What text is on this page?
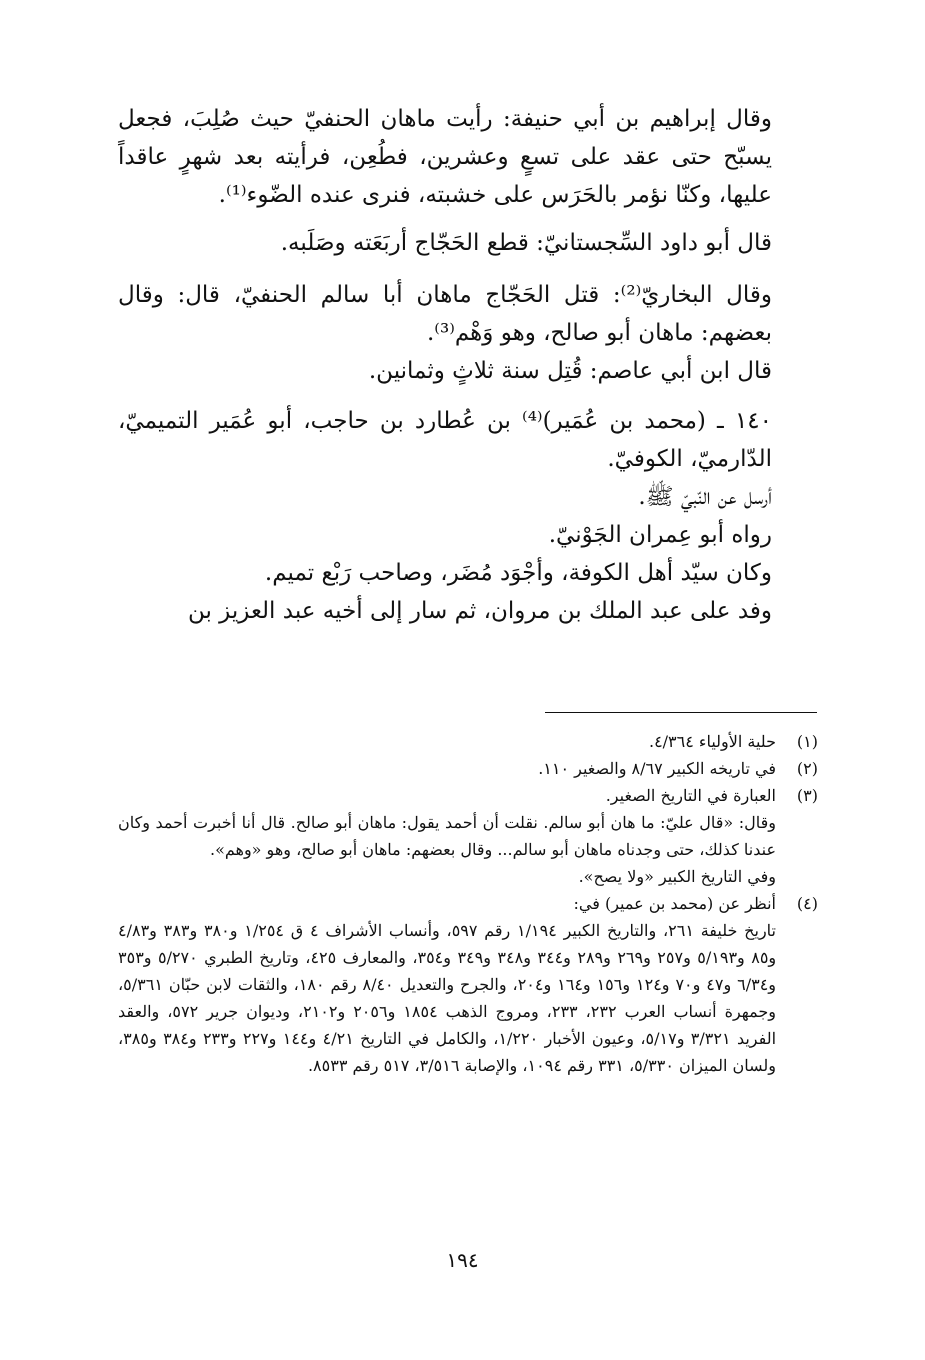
وقال إبراهيم بن أبي حنيفة: رأيت ماهان الحنفيّ حيث صُلِبَ، فجعل يسبّح حتى عقد على تسعٍ وعشرين، فطُعِن، فرأيته بعد شهرٍ عاقداً عليها، وكنّا نؤمر بالحَرَس على خشبته، فنرى عنده الضّوء⁽¹⁾.

قال أبو داود السِّجستانيّ: قطع الحَجّاج أربَعَته وصَلَبه.

وقال البخاريّ⁽²⁾: قتل الحَجّاج ماهان أبا سالم الحنفيّ، قال: وقال بعضهم: ماهان أبو صالح، وهو وَهْم⁽³⁾.

قال ابن أبي عاصم: قُتِل سنة ثلاثٍ وثمانين.

١٤٠ ـ (محمد بن عُمَير)⁽⁴⁾ بن عُطارد بن حاجب، أبو عُمَير التميميّ، الدّارميّ، الكوفيّ.

أرسل عن النّبيّ ﷺ.

رواه أبو عِمران الجَوْنيّ.

وكان سيّد أهل الكوفة، وأجْوَد مُضَر، وصاحب رَبْع تميم.

وفد على عبد الملك بن مروان، ثم سار إلى أخيه عبد العزيز بن

(١)
حلية الأولياء ٤/٣٦٤.
(٢)
في تاريخه الكبير ٨/٦٧ والصغير ١١٠.
(٣)
العبارة في التاريخ الصغير.
وقال: «قال عليّ: ما هان أبو سالم. نقلت أن أحمد يقول: ماهان أبو صالح. قال أنا أخبرت أحمد وكان عندنا كذلك، حتى وجدناه ماهان أبو سالم... وقال بعضهم: ماهان أبو صالح، وهو «وهم».
وفي التاريخ الكبير «ولا يصح».
(٤)
أنظر عن (محمد بن عمير) في:
تاريخ خليفة ٢٦١، والتاريخ الكبير ١/١٩٤ رقم ٥٩٧، وأنساب الأشراف ٤ ق ١/٢٥٤ و٣٨٠ و٣٨٣ و٤/٨٣ و٨٥ و٥/١٩٣ و٢٥٧ و٢٦٩ و٢٨٩ و٣٤٤ و٣٤٨ و٣٤٩ و٣٥٤، والمعارف ٤٢٥، وتاريخ الطبري ٥/٢٧٠ و٣٥٣ و٦/٣٤ و٤٧ و٧٠ و١٢٤ و١٥٦ و١٦٤ و٢٠٤، والجرح والتعديل ٨/٤٠ رقم ١٨٠، والثقات لابن حبّان ٥/٣٦١، وجمهرة أنساب العرب ٢٣٢، ٢٣٣، ومروج الذهب ١٨٥٤ و٢٠٥٦ و٢١٠٢، وديوان جرير ٥٧٢، والعقد الفريد ٣/٣٢١ و٥/١٧، وعيون الأخبار ١/٢٢٠، والكامل في التاريخ ٤/٢١ و١٤٤ و٢٢٧ و٢٣٣ و٣٨٤ و٣٨٥، ولسان الميزان ٥/٣٣٠، ٣٣١ رقم ١٠٩٤، والإصابة ٣/٥١٦، ٥١٧ رقم ٨٥٣٣.
١٩٤
